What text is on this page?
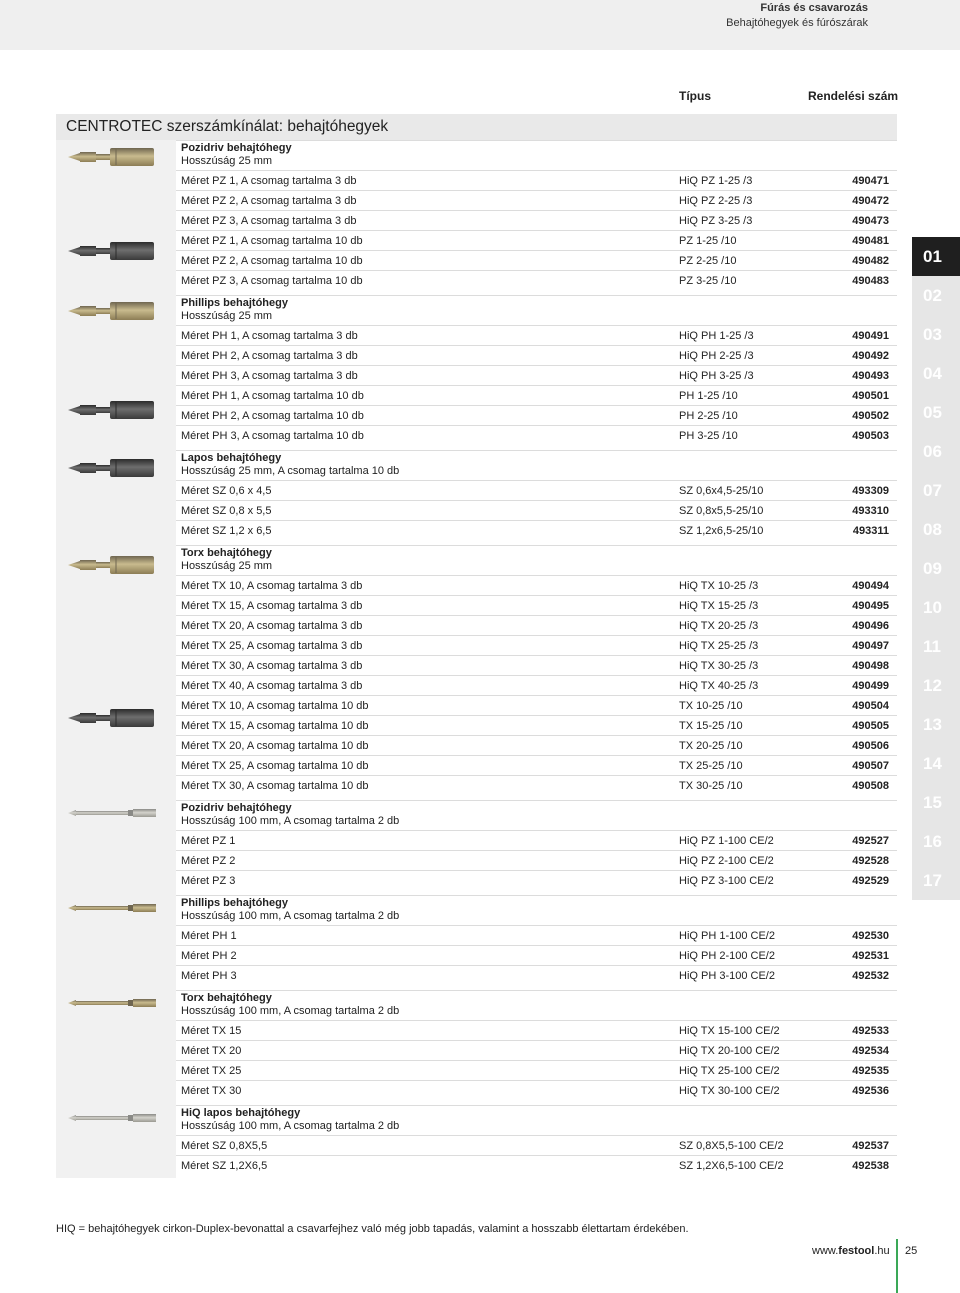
Fúrás és csavarozás
Behajtóhegyek és fúrószárak
Típus	Rendelési szám
CENTROTEC szerszámkínálat: behajtóhegyek
Pozidriv behajtóhegy
Hosszúság 25 mm
Méret PZ 1, A csomag tartalma 3 db	HiQ PZ 1-25 /3	490471
Méret PZ 2, A csomag tartalma 3 db	HiQ PZ 2-25 /3	490472
Méret PZ 3, A csomag tartalma 3 db	HiQ PZ 3-25 /3	490473
Méret PZ 1, A csomag tartalma 10 db	PZ 1-25 /10	490481
Méret PZ 2, A csomag tartalma 10 db	PZ 2-25 /10	490482
Méret PZ 3, A csomag tartalma 10 db	PZ 3-25 /10	490483
Phillips behajtóhegy
Hosszúság 25 mm
Méret PH 1, A csomag tartalma 3 db	HiQ PH 1-25 /3	490491
Méret PH 2, A csomag tartalma 3 db	HiQ PH 2-25 /3	490492
Méret PH 3, A csomag tartalma 3 db	HiQ PH 3-25 /3	490493
Méret PH 1, A csomag tartalma 10 db	PH 1-25 /10	490501
Méret PH 2, A csomag tartalma 10 db	PH 2-25 /10	490502
Méret PH 3, A csomag tartalma 10 db	PH 3-25 /10	490503
Lapos behajtóhegy
Hosszúság 25 mm, A csomag tartalma 10 db
Méret SZ 0,6 x 4,5	SZ 0,6x4,5-25/10	493309
Méret SZ 0,8 x 5,5	SZ 0,8x5,5-25/10	493310
Méret SZ 1,2 x 6,5	SZ 1,2x6,5-25/10	493311
Torx behajtóhegy
Hosszúság 25 mm
Méret TX 10, A csomag tartalma 3 db	HiQ TX 10-25 /3	490494
Méret TX 15, A csomag tartalma 3 db	HiQ TX 15-25 /3	490495
Méret TX 20, A csomag tartalma 3 db	HiQ TX 20-25 /3	490496
Méret TX 25, A csomag tartalma 3 db	HiQ TX 25-25 /3	490497
Méret TX 30, A csomag tartalma 3 db	HiQ TX 30-25 /3	490498
Méret TX 40, A csomag tartalma 3 db	HiQ TX 40-25 /3	490499
Méret TX 10, A csomag tartalma 10 db	TX 10-25 /10	490504
Méret TX 15, A csomag tartalma 10 db	TX 15-25 /10	490505
Méret TX 20, A csomag tartalma 10 db	TX 20-25 /10	490506
Méret TX 25, A csomag tartalma 10 db	TX 25-25 /10	490507
Méret TX 30, A csomag tartalma 10 db	TX 30-25 /10	490508
Pozidriv behajtóhegy
Hosszúság 100 mm, A csomag tartalma 2 db
Méret PZ 1	HiQ PZ 1-100 CE/2	492527
Méret PZ 2	HiQ PZ 2-100 CE/2	492528
Méret PZ 3	HiQ PZ 3-100 CE/2	492529
Phillips behajtóhegy
Hosszúság 100 mm, A csomag tartalma 2 db
Méret PH 1	HiQ PH 1-100 CE/2	492530
Méret PH 2	HiQ PH 2-100 CE/2	492531
Méret PH 3	HiQ PH 3-100 CE/2	492532
Torx behajtóhegy
Hosszúság 100 mm, A csomag tartalma 2 db
Méret TX 15	HiQ TX 15-100 CE/2	492533
Méret TX 20	HiQ TX 20-100 CE/2	492534
Méret TX 25	HiQ TX 25-100 CE/2	492535
Méret TX 30	HiQ TX 30-100 CE/2	492536
HiQ lapos behajtóhegy
Hosszúság 100 mm, A csomag tartalma 2 db
Méret SZ 0,8X5,5	SZ 0,8X5,5-100 CE/2	492537
Méret SZ 1,2X6,5	SZ 1,2X6,5-100 CE/2	492538
01
02
03
04
05
06
07
08
09
10
11
12
13
14
15
16
17
HIQ = behajtóhegyek cirkon-Duplex-bevonattal a csavarfejhez való még jobb tapadás, valamint a hosszabb élettartam érdekében.
www.festool.hu 25
